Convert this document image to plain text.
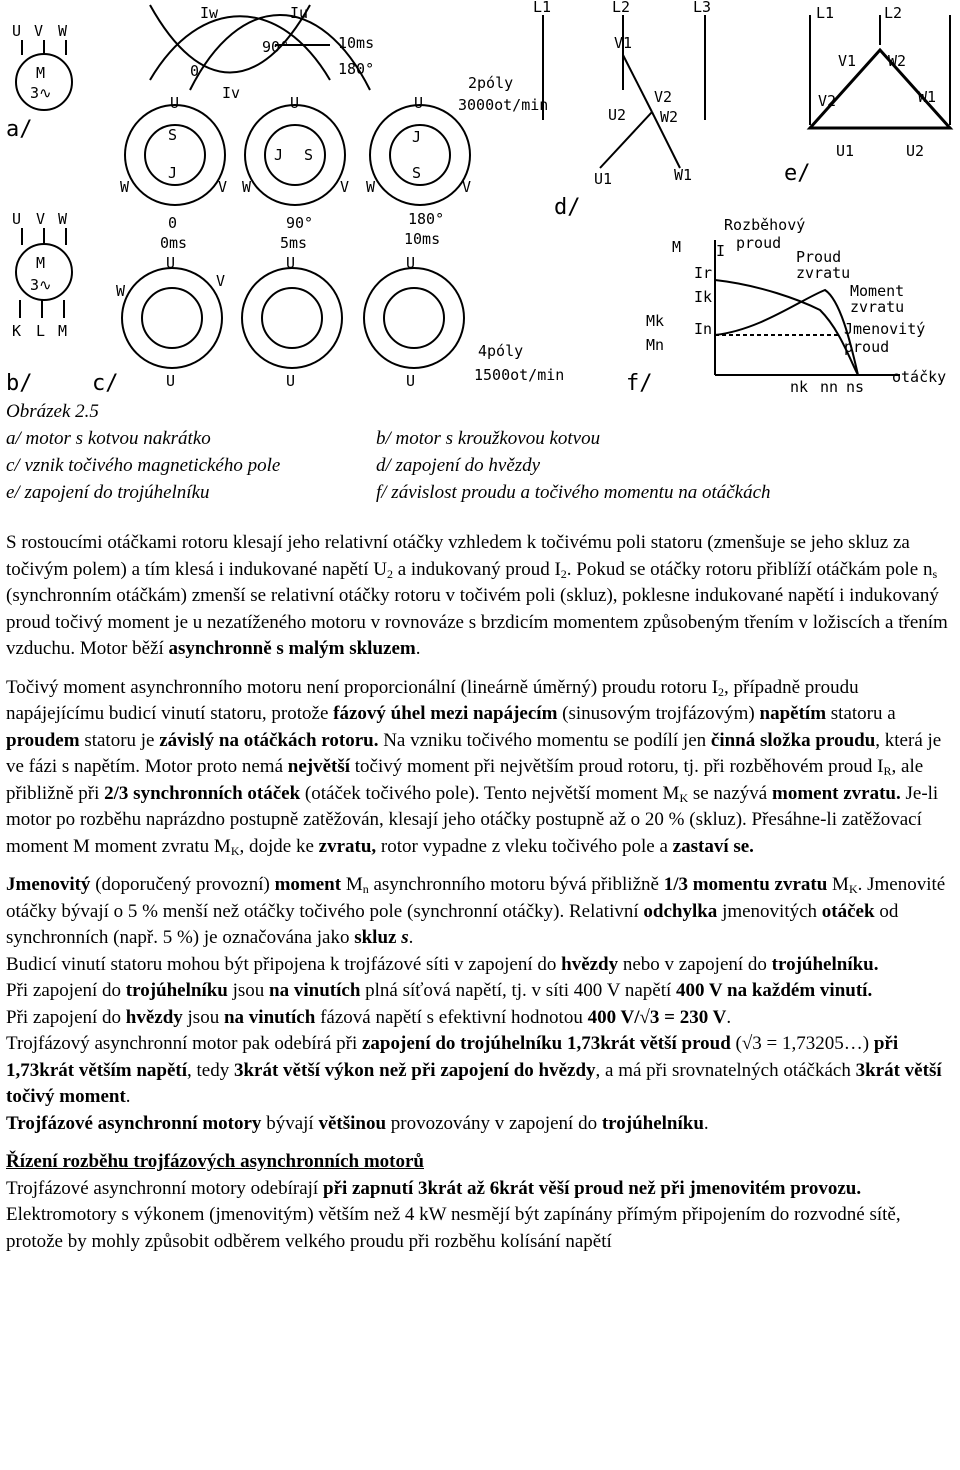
U V W
M
3∿
a/
U V W
M
3∿
K L M
b/	c/
Iw	Iu
90°	10ms
180°
0
Iv
2póly
3000ot/min
U
S
J
W	V
U
J S
W	V
U
J
S
W	V
0
0ms
90°
5ms
180°
10ms
U
U
W
V
U
U
U
U
4póly
1500ot/min
L1	L2	L3
V1
V2
U2 W2
U1	W1
d/
L1	L2
V1 W2
V2	W1
U1	U2
e/
M I
Ir
Ik
In
Mk
Mn
Rozběhový
proud
Proud
zvratu
Moment
zvratu
Jmenovitý
proud
otáčky
nk nn ns
f/
Obrázek 2.5
a/ motor s kotvou nakrátko	b/ motor s kroužkovou kotvou
c/ vznik točivého magnetického pole	d/ zapojení do hvězdy
e/ zapojení do trojúhelníku	f/ závislost proudu a točivého momentu na otáčkách

S rostoucími otáčkami rotoru klesají jeho relativní otáčky vzhledem k točivému poli statoru (zmenšuje se jeho skluz za točivým polem) a tím klesá i indukované napětí $U_2$ a indukovaný proud $I_2$. Pokud se otáčky rotoru přiblíží otáčkám pole $n_s$ (synchronním otáčkám) zmenší se relativní otáčky rotoru v točivém poli (skluz), poklesne indukované napětí i indukovaný proud točivý moment je u nezatíženého motoru v rovnováze s brzdicím momentem způsobeným třením v ložiscích a třením vzduchu. Motor běží asynchronně s malým skluzem.

Točivý moment asynchronního motoru není proporcionální (lineárně úměrný) proudu rotoru $I_2$, případně proudu napájejícímu budicí vinutí statoru, protože fázový úhel mezi napájecím (sinusovým trojfázovým) napětím statoru a proudem statoru je závislý na otáčkách rotoru. Na vzniku točivého momentu se podílí jen činná složka proudu, která je ve fázi s napětím. Motor proto nemá největší točivý moment při největším proud rotoru, tj. při rozběhovém proud $I_R$, ale přibližně při 2/3 synchronních otáček (otáček točivého pole). Tento největší moment $M_K$ se nazývá moment zvratu. Je-li motor po rozběhu naprázdno postupně zatěžován, klesají jeho otáčky postupně až o 20 % (skluz). Přesáhne-li zatěžovací moment M moment zvratu $M_K$, dojde ke zvratu, rotor vypadne z vleku točivého pole a zastaví se.

Jmenovitý (doporučený provozní) moment $M_n$ asynchronního motoru bývá přibližně 1/3 momentu zvratu $M_K$. Jmenovité otáčky bývají o 5 % menší než otáčky točivého pole (synchronní otáčky). Relativní odchylka jmenovitých otáček od synchronních (např. 5 %) je označována jako skluz s.

Budicí vinutí statoru mohou být připojena k trojfázové síti v zapojení do hvězdy nebo v zapojení do trojúhelníku.

Při zapojení do trojúhelníku jsou na vinutích plná síťová napětí, tj. v síti 400 V napětí 400 V na každém vinutí.

Při zapojení do hvězdy jsou na vinutích fázová napětí s efektivní hodnotou 400 V/√3 = 230 V.

Trojfázový asynchronní motor pak odebírá při zapojení do trojúhelníku 1,73krát větší proud (√3 = 1,73205…) při 1,73krát větším napětí, tedy 3krát větší výkon než při zapojení do hvězdy, a má při srovnatelných otáčkách 3krát větší točivý moment.

Trojfázové asynchronní motory bývají většinou provozovány v zapojení do trojúhelníku.

Řízení rozběhu trojfázových asynchronních motorů

Trojfázové asynchronní motory odebírají při zapnutí 3krát až 6krát věší proud než při jmenovitém provozu.

Elektromotory s výkonem (jmenovitým) větším než 4 kW nesmějí být zapínány přímým připojením do rozvodné sítě, protože by mohly způsobit odběrem velkého proudu při rozběhu kolísání napětí
